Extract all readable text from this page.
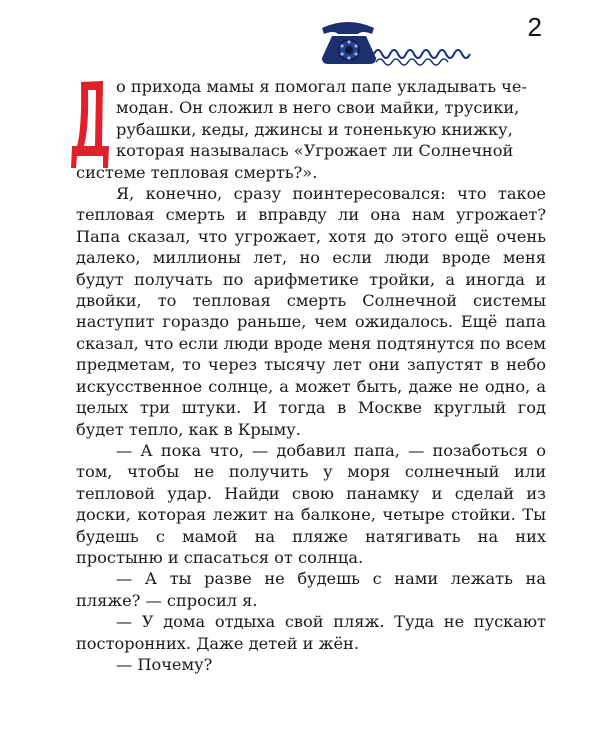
2

о прихода мамы я помогал папе укладывать че-
модан. Он сложил в него свои майки, трусики,
рубашки, кеды, джинсы и тоненькую книжку,
которая называлась «Угрожает ли Солнечной
системе тепловая смерть?».

Я, конечно, сразу поинтересовался: что такое тепловая смерть и вправду ли она нам угрожает? Папа сказал, что угрожает, хотя до этого ещё очень далеко, миллионы лет, но если люди вроде меня будут получать по арифметике тройки, а иногда и двойки, то тепловая смерть Солнечной системы наступит гораздо раньше, чем ожидалось. Ещё папа сказал, что если люди вроде меня подтянутся по всем предметам, то через тысячу лет они запустят в небо искусственное солнце, а может быть, даже не одно, а целых три штуки. И тогда в Москве круглый год будет тепло, как в Крыму.

— А пока что, — добавил папа, — позаботься о том, чтобы не получить у моря солнечный или тепловой удар. Найди свою панамку и сделай из доски, которая лежит на балконе, четыре стойки. Ты будешь с мамой на пляже натягивать на них простыню и спасаться от солнца.

— А ты разве не будешь с нами лежать на пляже? — спросил я.

— У дома отдыха свой пляж. Туда не пускают посторонних. Даже детей и жён.

— Почему?
